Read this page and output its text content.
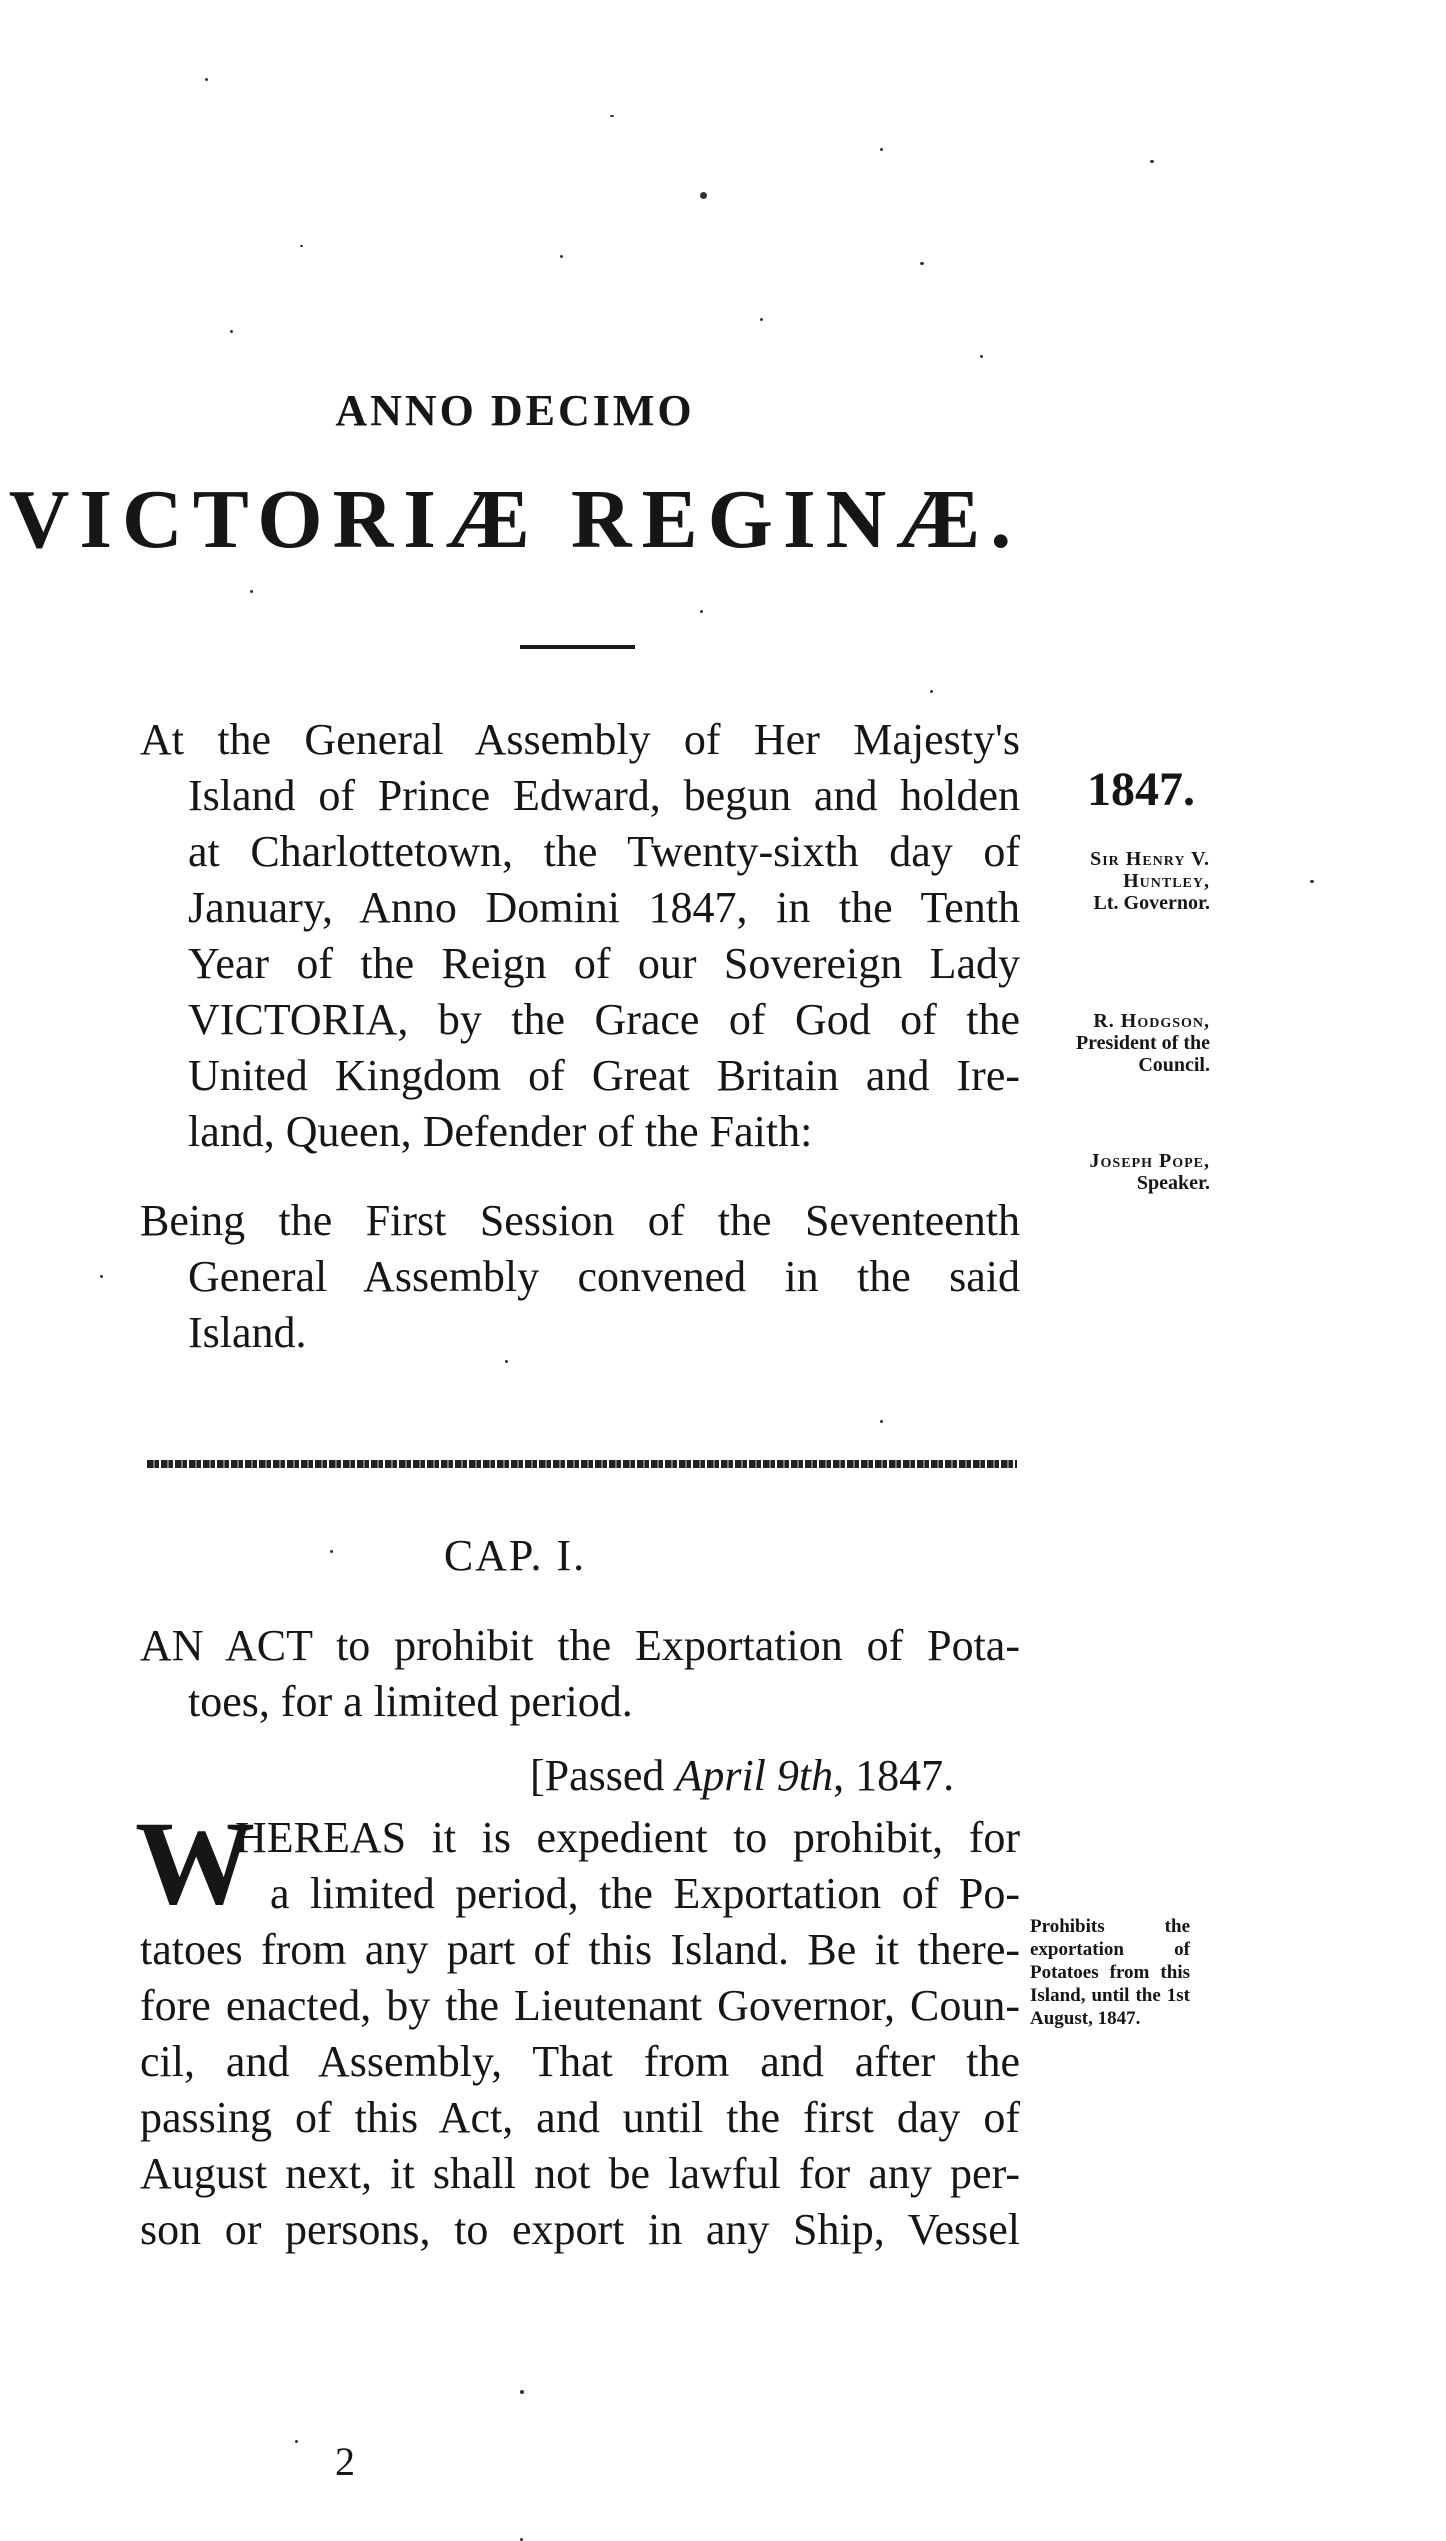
ANNO DECIMO
VICTORIÆ REGINÆ.

At the General Assembly of Her Majesty's

Island of Prince Edward, begun and holden

at Charlottetown, the Twenty-sixth day of

January, Anno Domini 1847, in the Tenth

Year of the Reign of our Sovereign Lady

VICTORIA, by the Grace of God of the

United Kingdom of Great Britain and Ire-

land, Queen, Defender of the Faith:

Being the First Session of the Seventeenth

General Assembly convened in the said

Island.

1847.
Sir Henry V. Huntley,
Lt. Governor.
R. Hodgson,
President of the Council.
Joseph Pope,
Speaker.
CAP. I.

AN ACT to prohibit the Exportation of Pota-

toes, for a limited period.

[Passed April 9th, 1847.
W

HEREAS it is expedient to prohibit, for

a limited period, the Exportation of Po-

tatoes from any part of this Island. Be it there-

fore enacted, by the Lieutenant Governor, Coun-

cil, and Assembly, That from and after the

passing of this Act, and until the first day of

August next, it shall not be lawful for any per-

son or persons, to export in any Ship, Vessel

Prohibits the exportation of Potatoes from this Island, until the 1st August, 1847.
2
